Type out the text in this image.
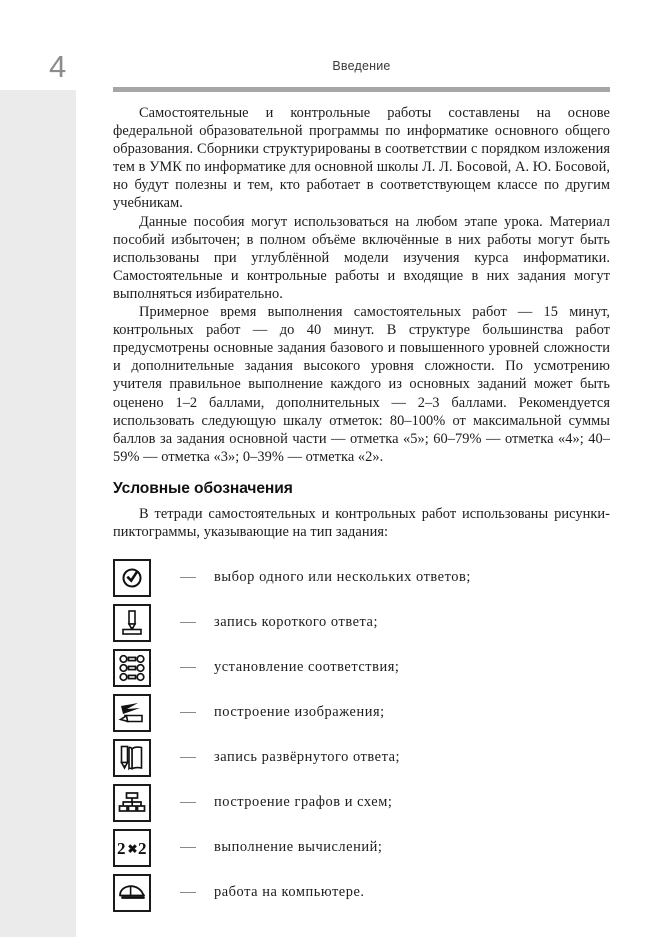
4	Введение

Самостоятельные и контрольные работы составлены на основе федеральной образовательной программы по информатике основного общего образования. Сборники структурированы в соответствии с порядком изложения тем в УМК по информатике для основной школы Л. Л. Босовой, А. Ю. Босовой, но будут полезны и тем, кто работает в соответствующем классе по другим учебникам.

Данные пособия могут использоваться на любом этапе урока. Материал пособий избыточен; в полном объёме включённые в них работы могут быть использованы при углублённой модели изучения курса информатики. Самостоятельные и контрольные работы и входящие в них задания могут выполняться избирательно.

Примерное время выполнения самостоятельных работ — 15 минут, контрольных работ — до 40 минут. В структуре большинства работ предусмотрены основные задания базового и повышенного уровней сложности и дополнительные задания высокого уровня сложности. По усмотрению учителя правильное выполнение каждого из основных заданий может быть оценено 1–2 баллами, дополнительных — 2–3 баллами. Рекомендуется использовать следующую шкалу отметок: 80–100% от максимальной суммы баллов за задания основной части — отметка «5»; 60–79% — отметка «4»; 40–59% — отметка «3»; 0–39% — отметка «2».

Условные обозначения

В тетради самостоятельных и контрольных работ использованы рисунки-пиктограммы, указывающие на тип задания:

выбор одного или нескольких ответов;
запись короткого ответа;
установление соответствия;
построение изображения;
запись развёрнутого ответа;
построение графов и схем;
2 ✖ 2	выполнение вычислений;
работа на компьютере.
